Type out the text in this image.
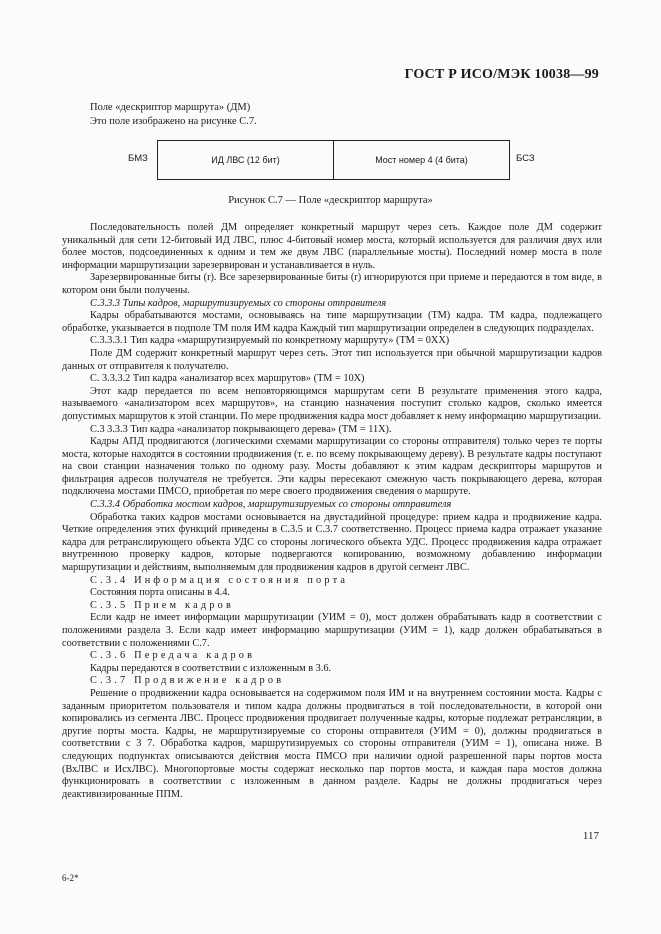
ГОСТ Р ИСО/МЭК 10038—99
Поле «дескриптор маршрута» (ДМ)
Это поле изображено на рисунке С.7.
БМЗ	ИД ЛВС (12 бит)	Мост номер 4 (4 бита)	БСЗ
Рисунок С.7 — Поле «дескриптор маршрута»

Последовательность полей ДМ определяет конкретный маршрут через сеть. Каждое поле ДМ содержит уникальный для сети 12-битовый ИД ЛВС, плюс 4-битовый номер моста, который используется для различия двух или более мостов, подсоединенных к одним и тем же двум ЛВС (параллельные мосты). Последний номер моста в поле информации маршрутизации зарезервирован и устанавливается в нуль.

Зарезервированные биты (r). Все зарезервированные биты (r) игнорируются при приеме и передаются в том виде, в котором они были получены.

С.3.3.3 Типы кадров, маршрутизируемых со стороны отправителя

Кадры обрабатываются мостами, основываясь на типе маршрутизации (ТМ) кадра. ТМ кадра, подлежащего обработке, указывается в подполе ТМ поля ИМ кадра Каждый тип маршрутизации определен в следующих подразделах.

С.3.3.3.1 Тип кадра «маршрутизируемый по конкретному маршруту» (ТМ = 0XX)

Поле ДМ содержит конкретный маршрут через сеть. Этот тип используется при обычной маршрутизации кадров данных от отправителя к получателю.

С. 3.3.3.2 Тип кадра «анализатор всех маршрутов» (ТМ = 10X)

Этот кадр передается по всем неповторяющимся маршрутам сети В результате применения этого кадра, называемого «анализатором всех маршрутов», на станцию назначения поступит столько кадров, сколько имеется допустимых маршрутов к этой станции. По мере продвижения кадра мост добавляет к нему информацию маршрутизации.

С.3 3.3.3 Тип кадра «анализатор покрывающего дерева» (ТМ = 11X).

Кадры АПД продвигаются (логическими схемами маршрутизации со стороны отправителя) только через те порты моста, которые находятся в состоянии продвижения (т. е. по всему покрывающему дереву). В результате кадры поступают на свои станции назначения только по одному разу. Мосты добавляют к этим кадрам дескрипторы маршрутов и фильтрация адресов получателя не требуется. Эти кадры пересекают смежную часть покрывающего дерева, которая подключена мостами ПМСО, приобретая по мере своего продвижения сведения о маршруте.

С.3.3.4 Обработка мостом кадров, маршрутизируемых со стороны отправителя

Обработка таких кадров мостами основывается на двустадийной процедуре: прием кадра и продвижение кадра. Четкие определения этих функций приведены в С.3.5 и С.3.7 соответственно. Процесс приема кадра отражает указание кадра для ретранслирующего объекта УДС со стороны логического объекта УДС. Процесс продвижения кадра отражает внутреннюю проверку кадров, которые подвергаются копированию, возможному добавлению информации маршрутизации и действиям, выполняемым для продвижения кадров в другой сегмент ЛВС.

С.3.4 Информация состояния порта

Состояния порта описаны в 4.4.

С.3.5 Прием кадров

Если кадр не имеет информации маршрутизации (УИМ = 0), мост должен обрабатывать кадр в соответствии с положениями раздела 3. Если кадр имеет информацию маршрутизации (УИМ = 1), кадр должен обрабатываться в соответствии с положениями С.7.

С.3.6 Передача кадров

Кадры передаются в соответствии с изложенным в 3.6.

С.3.7 Продвижение кадров

Решение о продвижении кадра основывается на содержимом поля ИМ и на внутреннем состоянии моста. Кадры с заданным приоритетом пользователя и типом кадра должны продвигаться в той последовательности, в которой они копировались из сегмента ЛВС. Процесс продвижения продвигает полученные кадры, которые подлежат ретрансляции, в другие порты моста. Кадры, не маршрутизируемые со стороны отправителя (УИМ = 0), должны продвигаться в соответствии с 3 7. Обработка кадров, маршрутизируемых со стороны отправителя (УИМ = 1), описана ниже. В следующих подпунктах описываются действия моста ПМСО при наличии одной разрешенной пары портов моста (ВхЛВС и ИсхЛВС). Многопортовые мосты содержат несколько пар портов моста, и каждая пара мостов должна функционировать в соответствии с изложенным в данном разделе. Кадры не должны продвигаться через деактивизированные ППМ.

6-2*
117
